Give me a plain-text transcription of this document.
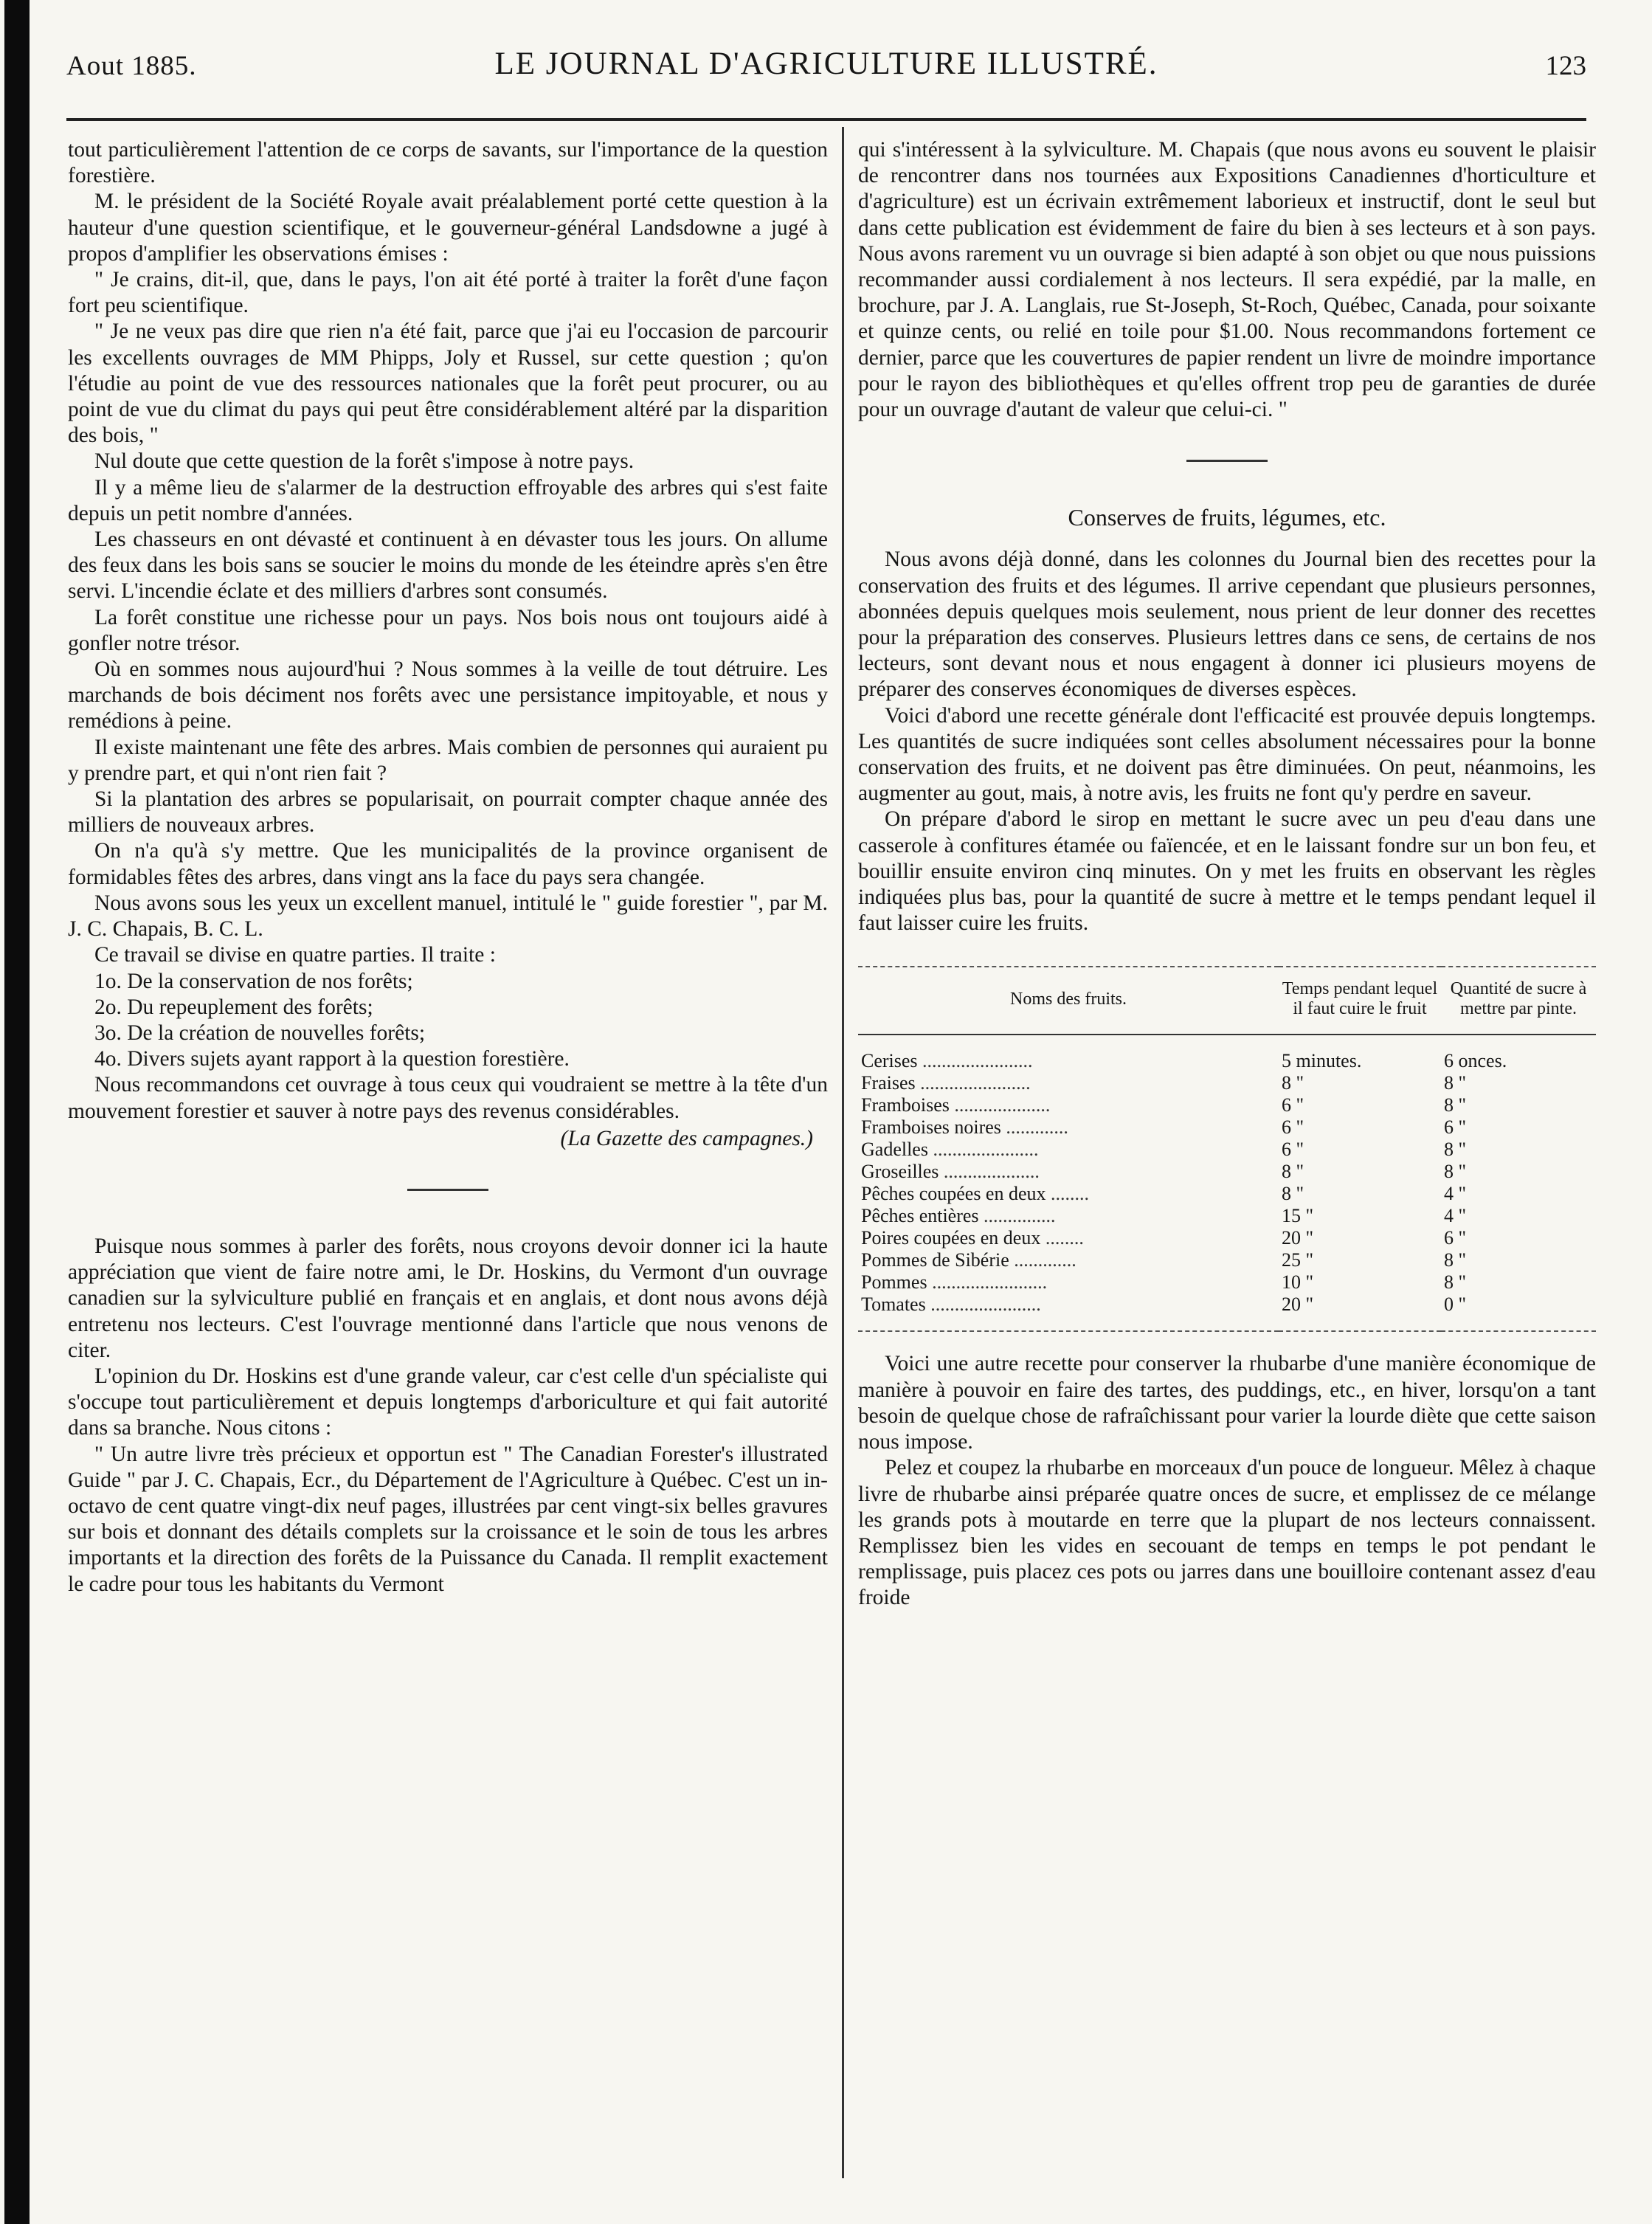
Aout 1885.	LE JOURNAL D'AGRICULTURE ILLUSTRÉ.	123

tout particulièrement l'attention de ce corps de savants, sur l'importance de la question forestière.

M. le président de la Société Royale avait préalablement porté cette question à la hauteur d'une question scientifique, et le gouverneur-général Landsdowne a jugé à propos d'amplifier les observations émises :

" Je crains, dit-il, que, dans le pays, l'on ait été porté à traiter la forêt d'une façon fort peu scientifique.

" Je ne veux pas dire que rien n'a été fait, parce que j'ai eu l'occasion de parcourir les excellents ouvrages de MM Phipps, Joly et Russel, sur cette question ; qu'on l'étudie au point de vue des ressources nationales que la forêt peut procurer, ou au point de vue du climat du pays qui peut être considérablement altéré par la disparition des bois, "

Nul doute que cette question de la forêt s'impose à notre pays.

Il y a même lieu de s'alarmer de la destruction effroyable des arbres qui s'est faite depuis un petit nombre d'années.

Les chasseurs en ont dévasté et continuent à en dévaster tous les jours. On allume des feux dans les bois sans se soucier le moins du monde de les éteindre après s'en être servi. L'incendie éclate et des milliers d'arbres sont consumés.

La forêt constitue une richesse pour un pays. Nos bois nous ont toujours aidé à gonfler notre trésor.

Où en sommes nous aujourd'hui ? Nous sommes à la veille de tout détruire. Les marchands de bois déciment nos forêts avec une persistance impitoyable, et nous y remédions à peine.

Il existe maintenant une fête des arbres. Mais combien de personnes qui auraient pu y prendre part, et qui n'ont rien fait ?

Si la plantation des arbres se popularisait, on pourrait compter chaque année des milliers de nouveaux arbres.

On n'a qu'à s'y mettre. Que les municipalités de la province organisent de formidables fêtes des arbres, dans vingt ans la face du pays sera changée.

Nous avons sous les yeux un excellent manuel, intitulé le " guide forestier ", par M. J. C. Chapais, B. C. L.

Ce travail se divise en quatre parties. Il traite :

1o. De la conservation de nos forêts;

2o. Du repeuplement des forêts;

3o. De la création de nouvelles forêts;

4o. Divers sujets ayant rapport à la question forestière.

Nous recommandons cet ouvrage à tous ceux qui voudraient se mettre à la tête d'un mouvement forestier et sauver à notre pays des revenus considérables.

(La Gazette des campagnes.)

Puisque nous sommes à parler des forêts, nous croyons devoir donner ici la haute appréciation que vient de faire notre ami, le Dr. Hoskins, du Vermont d'un ouvrage canadien sur la sylviculture publié en français et en anglais, et dont nous avons déjà entretenu nos lecteurs. C'est l'ouvrage mentionné dans l'article que nous venons de citer.

L'opinion du Dr. Hoskins est d'une grande valeur, car c'est celle d'un spécialiste qui s'occupe tout particulièrement et depuis longtemps d'arboriculture et qui fait autorité dans sa branche. Nous citons :

" Un autre livre très précieux et opportun est " The Canadian Forester's illustrated Guide " par J. C. Chapais, Ecr., du Département de l'Agriculture à Québec. C'est un in-octavo de cent quatre vingt-dix neuf pages, illustrées par cent vingt-six belles gravures sur bois et donnant des détails complets sur la croissance et le soin de tous les arbres importants et la direction des forêts de la Puissance du Canada. Il remplit exactement le cadre pour tous les habitants du Vermont

qui s'intéressent à la sylviculture. M. Chapais (que nous avons eu souvent le plaisir de rencontrer dans nos tournées aux Expositions Canadiennes d'horticulture et d'agriculture) est un écrivain extrêmement laborieux et instructif, dont le seul but dans cette publication est évidemment de faire du bien à ses lecteurs et à son pays. Nous avons rarement vu un ouvrage si bien adapté à son objet ou que nous puissions recommander aussi cordialement à nos lecteurs. Il sera expédié, par la malle, en brochure, par J. A. Langlais, rue St-Joseph, St-Roch, Québec, Canada, pour soixante et quinze cents, ou relié en toile pour $1.00. Nous recommandons fortement ce dernier, parce que les couvertures de papier rendent un livre de moindre importance pour le rayon des bibliothèques et qu'elles offrent trop peu de garanties de durée pour un ouvrage d'autant de valeur que celui-ci. "

Conserves de fruits, légumes, etc.

Nous avons déjà donné, dans les colonnes du Journal bien des recettes pour la conservation des fruits et des légumes. Il arrive cependant que plusieurs personnes, abonnées depuis quelques mois seulement, nous prient de leur donner des recettes pour la préparation des conserves. Plusieurs lettres dans ce sens, de certains de nos lecteurs, sont devant nous et nous engagent à donner ici plusieurs moyens de préparer des conserves économiques de diverses espèces.

Voici d'abord une recette générale dont l'efficacité est prouvée depuis longtemps. Les quantités de sucre indiquées sont celles absolument nécessaires pour la bonne conservation des fruits, et ne doivent pas être diminuées. On peut, néanmoins, les augmenter au gout, mais, à notre avis, les fruits ne font qu'y perdre en saveur.

On prépare d'abord le sirop en mettant le sucre avec un peu d'eau dans une casserole à confitures étamée ou faïencée, et en le laissant fondre sur un bon feu, et bouillir ensuite environ cinq minutes. On y met les fruits en observant les règles indiquées plus bas, pour la quantité de sucre à mettre et le temps pendant lequel il faut laisser cuire les fruits.

Noms des fruits.	Temps pendant lequel il faut cuire le fruit	Quantité de sucre à mettre par pinte.
Cerises .......................	5 minutes.	6 onces.
Fraises .......................	8 "	8 "
Framboises ....................	6 "	8 "
Framboises noires .............	6 "	6 "
Gadelles ......................	6 "	8 "
Groseilles ....................	8 "	8 "
Pêches coupées en deux ........	8 "	4 "
Pêches entières ...............	15 "	4 "
Poires coupées en deux ........	20 "	6 "
Pommes de Sibérie .............	25 "	8 "
Pommes ........................	10 "	8 "
Tomates .......................	20 "	0 "

Voici une autre recette pour conserver la rhubarbe d'une manière économique de manière à pouvoir en faire des tartes, des puddings, etc., en hiver, lorsqu'on a tant besoin de quelque chose de rafraîchissant pour varier la lourde diète que cette saison nous impose.

Pelez et coupez la rhubarbe en morceaux d'un pouce de longueur. Mêlez à chaque livre de rhubarbe ainsi préparée quatre onces de sucre, et emplissez de ce mélange les grands pots à moutarde en terre que la plupart de nos lecteurs connaissent. Remplissez bien les vides en secouant de temps en temps le pot pendant le remplissage, puis placez ces pots ou jarres dans une bouilloire contenant assez d'eau froide
